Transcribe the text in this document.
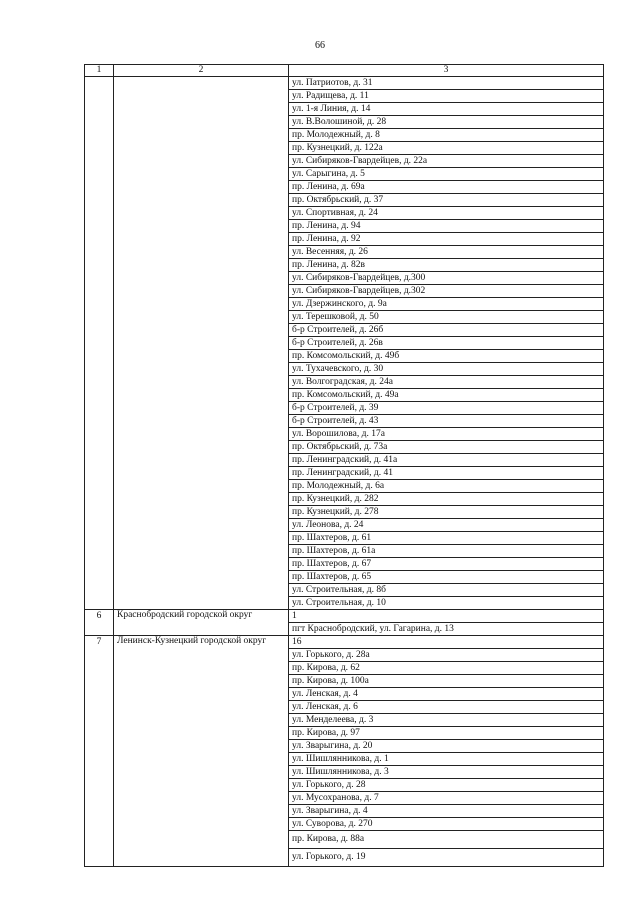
66
1	2	3
		ул. Патриотов, д. 31
		ул. Радищева, д. 11
		ул. 1-я Линия, д. 14
		ул. В.Волошиной, д. 28
		пр. Молодежный, д. 8
		пр. Кузнецкий, д. 122а
		ул. Сибиряков-Гвардейцев, д. 22а
		ул. Сарыгина, д. 5
		пр. Ленина, д. 69а
		пр. Октябрьский, д. 37
		ул. Спортивная, д. 24
		пр. Ленина, д. 94
		пр. Ленина, д. 92
		ул. Весенняя, д. 26
		пр. Ленина, д. 82в
		ул. Сибиряков-Гвардейцев, д.300
		ул. Сибиряков-Гвардейцев, д.302
		ул. Дзержинского, д. 9а
		ул. Терешковой, д. 50
		б-р Строителей, д. 26б
		б-р Строителей, д. 26в
		пр. Комсомольский, д. 49б
		ул. Тухачевского, д. 30
		ул. Волгоградская, д. 24а
		пр. Комсомольский, д. 49а
		б-р Строителей, д. 39
		б-р Строителей, д. 43
		ул. Ворошилова, д. 17а
		пр. Октябрьский, д. 73а
		пр. Ленинградский, д. 41а
		пр. Ленинградский, д. 41
		пр. Молодежный, д. 6а
		пр. Кузнецкий, д. 282
		пр. Кузнецкий, д. 278
		ул. Леонова, д. 24
		пр. Шахтеров, д. 61
		пр. Шахтеров, д. 61а
		пр. Шахтеров, д. 67
		пр. Шахтеров, д. 65
		ул. Строительная, д. 8б
		ул. Строительная, д. 10
6	Краснобродский городской округ	1
		пгт Краснобродский, ул. Гагарина, д. 13
7	Ленинск-Кузнецкий городской округ	16
		ул. Горького, д. 28а
		пр. Кирова, д. 62
		пр. Кирова, д. 100а
		ул. Ленская, д. 4
		ул. Ленская, д. 6
		ул. Менделеева, д. 3
		пр. Кирова, д. 97
		ул. Зварыгина, д. 20
		ул. Шишлянникова, д. 1
		ул. Шишлянникова, д. 3
		ул. Горького, д. 28
		ул. Мусохранова, д. 7
		ул. Зварыгина, д. 4
		ул. Суворова, д. 270
		пр. Кирова, д. 88а
		ул. Горького, д. 19
